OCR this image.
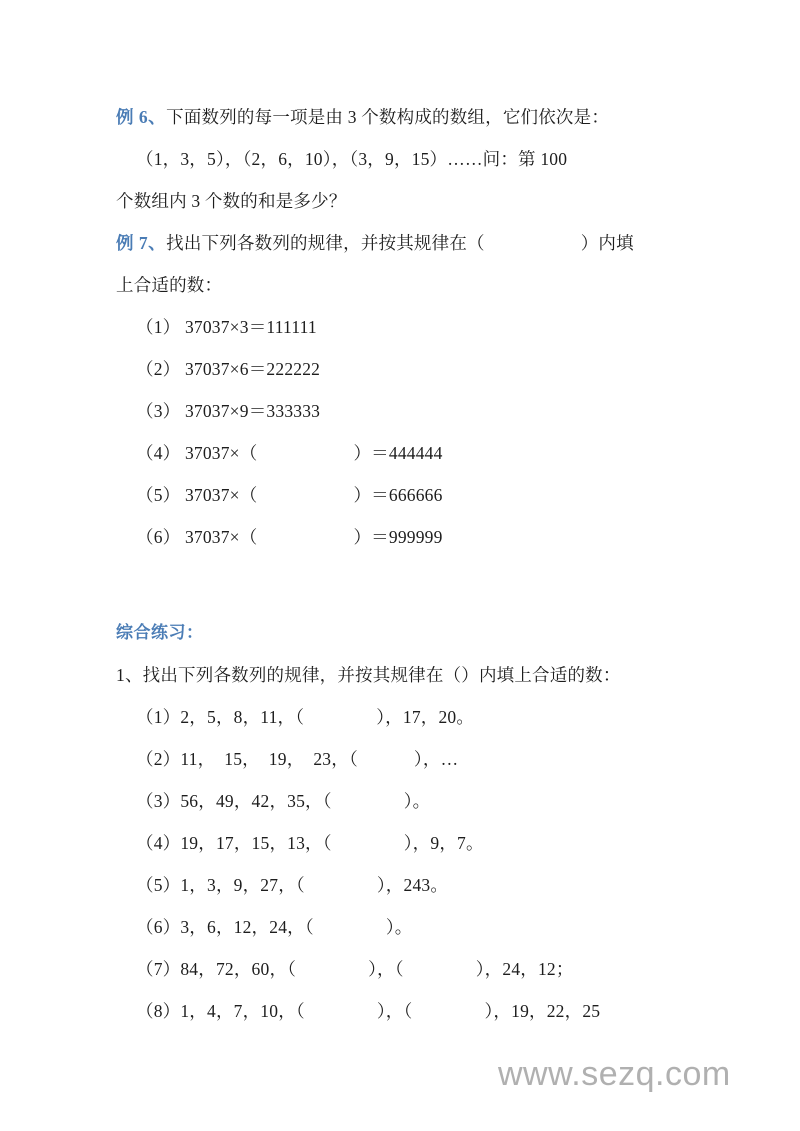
例 6、下面数列的每一项是由 3 个数构成的数组，它们依次是：
（1，3，5），（2，6，10），（3，9，15）……问：第 100
个数组内 3 个数的和是多少？
例 7、找出下列各数列的规律，并按其规律在（	）内填
上合适的数：
（1） 37037×3＝111111
（2） 37037×6＝222222
（3） 37037×9＝333333
（4） 37037×（	）＝444444
（5） 37037×（	）＝666666
（6） 37037×（	）＝999999
综合练习：
1、找出下列各数列的规律，并按其规律在（）内填上合适的数：
（1）2，5，8，11，（	），17，20。
（2）11，　15，　19，　23，（	），…
（3）56，49，42，35，（	）。
（4）19，17，15，13，（	），9，7。
（5）1，3，9，27，（	），243。
（6）3，6，12，24，（	）。
（7）84，72，60，（	），（	），24，12；
（8）1，4，7，10，（	），（	），19，22，25
www.sezq.com
